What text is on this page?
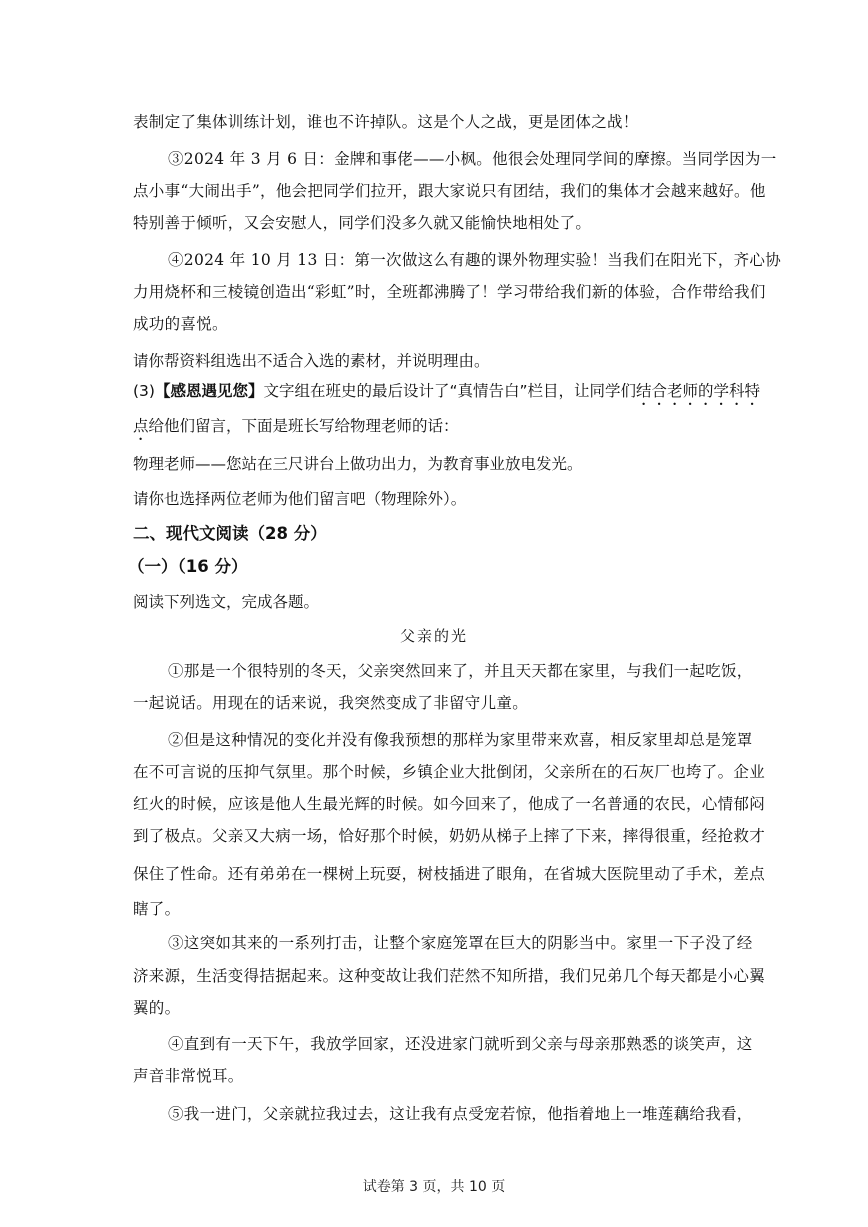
表制定了集体训练计划，谁也不许掉队。这是个人之战，更是团体之战！
③2024 年 3 月 6 日：金牌和事佬——小枫。他很会处理同学间的摩擦。当同学因为一
点小事“大闹出手”，他会把同学们拉开，跟大家说只有团结，我们的集体才会越来越好。他
特别善于倾听，又会安慰人，同学们没多久就又能愉快地相处了。
④2024 年 10 月 13 日：第一次做这么有趣的课外物理实验！当我们在阳光下，齐心协
力用烧杯和三棱镜创造出“彩虹”时，全班都沸腾了！学习带给我们新的体验，合作带给我们
成功的喜悦。
请你帮资料组选出不适合入选的素材，并说明理由。
(3)【感恩遇见您】文字组在班史的最后设计了“真情告白”栏目，让同学们结合老师的学科特
点给他们留言，下面是班长写给物理老师的话：
物理老师——您站在三尺讲台上做功出力，为教育事业放电发光。
请你也选择两位老师为他们留言吧（物理除外）。
二、现代文阅读（28 分）
（一）（16 分）
阅读下列选文，完成各题。
父亲的光
①那是一个很特别的冬天，父亲突然回来了，并且天天都在家里，与我们一起吃饭，
一起说话。用现在的话来说，我突然变成了非留守儿童。
②但是这种情况的变化并没有像我预想的那样为家里带来欢喜，相反家里却总是笼罩
在不可言说的压抑气氛里。那个时候，乡镇企业大批倒闭，父亲所在的石灰厂也垮了。企业
红火的时候，应该是他人生最光辉的时候。如今回来了，他成了一名普通的农民，心情郁闷
到了极点。父亲又大病一场，恰好那个时候，奶奶从梯子上摔了下来，摔得很重，经抢救才
保住了性命。还有弟弟在一棵树上玩耍，树枝插进了眼角，在省城大医院里动了手术，差点
瞎了。
③这突如其来的一系列打击，让整个家庭笼罩在巨大的阴影当中。家里一下子没了经
济来源，生活变得拮据起来。这种变故让我们茫然不知所措，我们兄弟几个每天都是小心翼
翼的。
④直到有一天下午，我放学回家，还没进家门就听到父亲与母亲那熟悉的谈笑声，这
声音非常悦耳。
⑤我一进门，父亲就拉我过去，这让我有点受宠若惊，他指着地上一堆莲藕给我看，
试卷第 3 页，共 10 页
